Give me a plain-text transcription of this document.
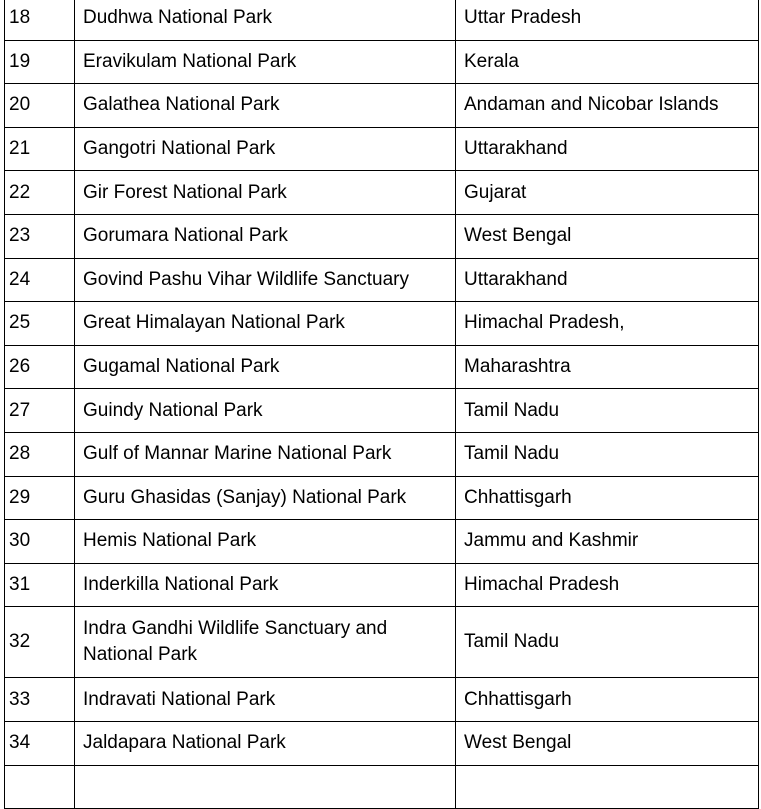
18	Dudhwa National Park	Uttar Pradesh
19	Eravikulam National Park	Kerala
20	Galathea National Park	Andaman and Nicobar Islands
21	Gangotri National Park	Uttarakhand
22	Gir Forest National Park	Gujarat
23	Gorumara National Park	West Bengal
24	Govind Pashu Vihar Wildlife Sanctuary	Uttarakhand
25	Great Himalayan National Park	Himachal Pradesh,
26	Gugamal National Park	Maharashtra
27	Guindy National Park	Tamil Nadu
28	Gulf of Mannar Marine National Park	Tamil Nadu
29	Guru Ghasidas (Sanjay) National Park	Chhattisgarh
30	Hemis National Park	Jammu and Kashmir
31	Inderkilla National Park	Himachal Pradesh
32	Indra Gandhi Wildlife Sanctuary and National Park	Tamil Nadu
33	Indravati National Park	Chhattisgarh
34	Jaldapara National Park	West Bengal
